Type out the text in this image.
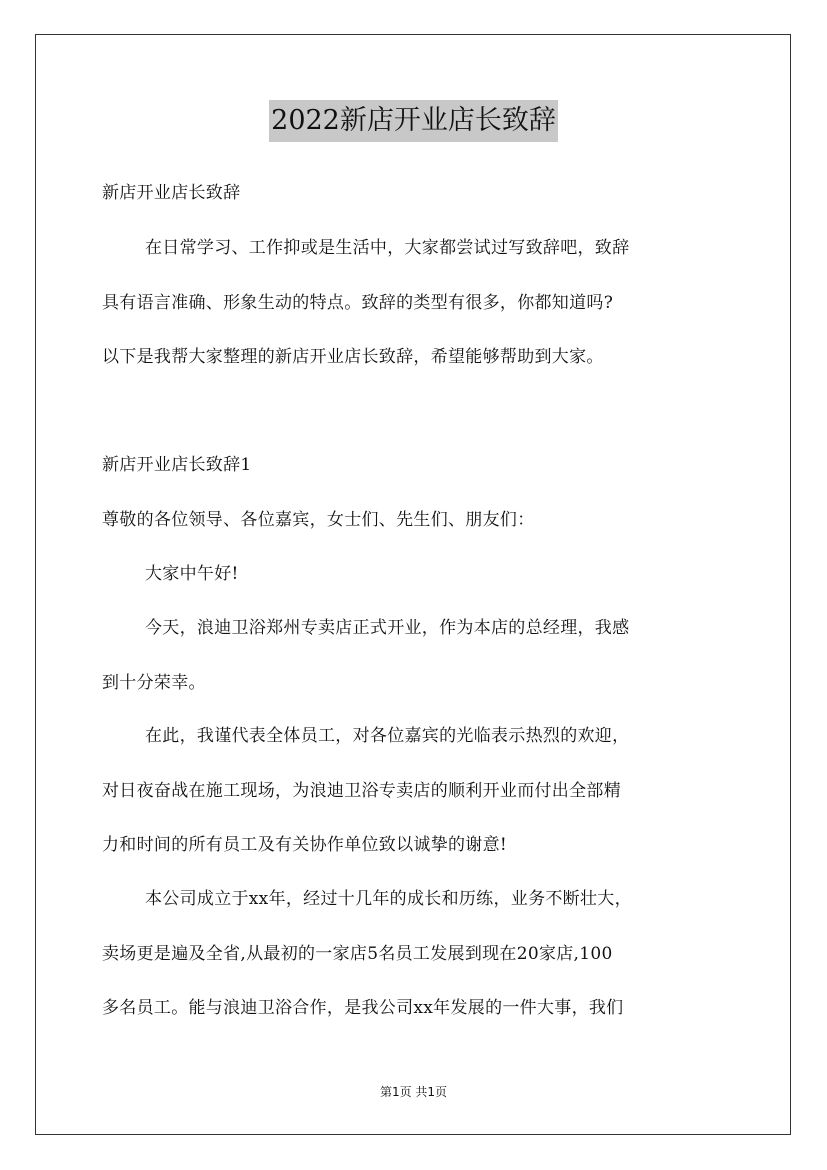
2022新店开业店长致辞
新店开业店长致辞
在日常学习、工作抑或是生活中，大家都尝试过写致辞吧，致辞
具有语言准确、形象生动的特点。致辞的类型有很多，你都知道吗?
以下是我帮大家整理的新店开业店长致辞，希望能够帮助到大家。
新店开业店长致辞1
尊敬的各位领导、各位嘉宾，女士们、先生们、朋友们：
大家中午好!
今天，浪迪卫浴郑州专卖店正式开业，作为本店的总经理，我感
到十分荣幸。
在此，我谨代表全体员工，对各位嘉宾的光临表示热烈的欢迎，
对日夜奋战在施工现场，为浪迪卫浴专卖店的顺利开业而付出全部精
力和时间的所有员工及有关协作单位致以诚挚的谢意!
本公司成立于xx年，经过十几年的成长和历练，业务不断壮大，
卖场更是遍及全省,从最初的一家店5名员工发展到现在20家店,100
多名员工。能与浪迪卫浴合作，是我公司xx年发展的一件大事，我们
第1页 共1页
